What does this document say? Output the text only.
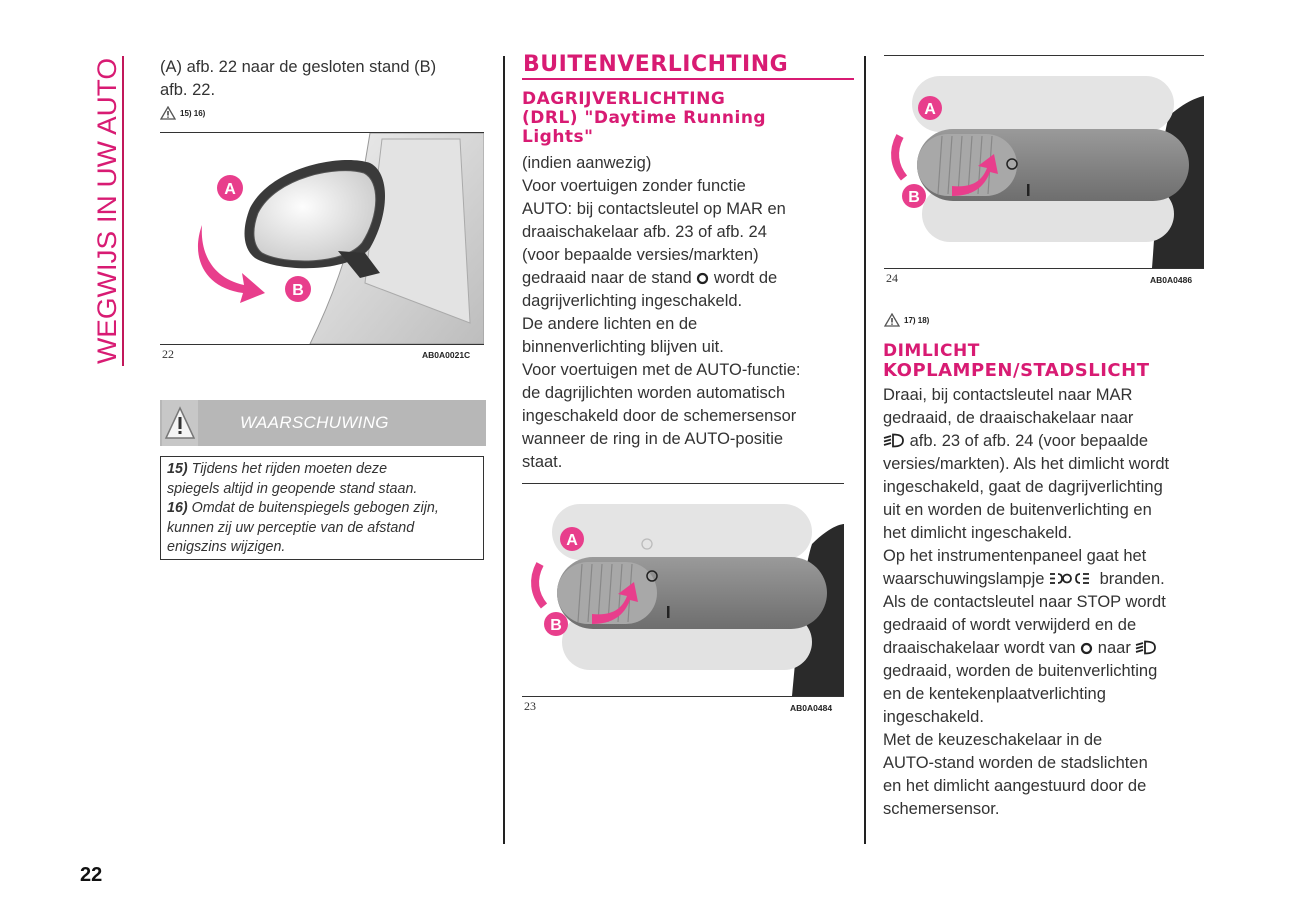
WEGWIJS IN UW AUTO

(A) afb. 22 naar de gesloten stand (B)

afb. 22.

15) 16)
A
B
22	AB0A0021C
WAARSCHUWING
15) Tijdens het rijden moeten deze
spiegels altijd in geopende stand staan.
16) Omdat de buitenspiegels gebogen zijn,
kunnen zij uw perceptie van de afstand
enigszins wijzigen.
BUITENVERLICHTING
DAGRIJVERLICHTING
(DRL) "Daytime Running
Lights"

(indien aanwezig)

Voor voertuigen zonder functie

AUTO: bij contactsleutel op MAR en

draaischakelaar afb. 23 of afb. 24

(voor bepaalde versies/markten)

gedraaid naar de stand wordt de

dagrijverlichting ingeschakeld.

De andere lichten en de

binnenverlichting blijven uit.

Voor voertuigen met de AUTO-functie:

de dagrijlichten worden automatisch

ingeschakeld door de schemersensor

wanneer de ring in de AUTO-positie

staat.

A
B
23	AB0A0484
A
B
24	AB0A0486
17) 18)
DIMLICHT
KOPLAMPEN/STADSLICHT

Draai, bij contactsleutel naar MAR

gedraaid, de draaischakelaar naar

afb. 23 of afb. 24 (voor bepaalde

versies/markten). Als het dimlicht wordt

ingeschakeld, gaat de dagrijverlichting

uit en worden de buitenverlichting en

het dimlicht ingeschakeld.

Op het instrumentenpaneel gaat het

waarschuwingslampje	branden.

Als de contactsleutel naar STOP wordt

gedraaid of wordt verwijderd en de

draaischakelaar wordt van naar

gedraaid, worden de buitenverlichting

en de kentekenplaatverlichting

ingeschakeld.

Met de keuzeschakelaar in de

AUTO-stand worden de stadslichten

en het dimlicht aangestuurd door de

schemersensor.

22
